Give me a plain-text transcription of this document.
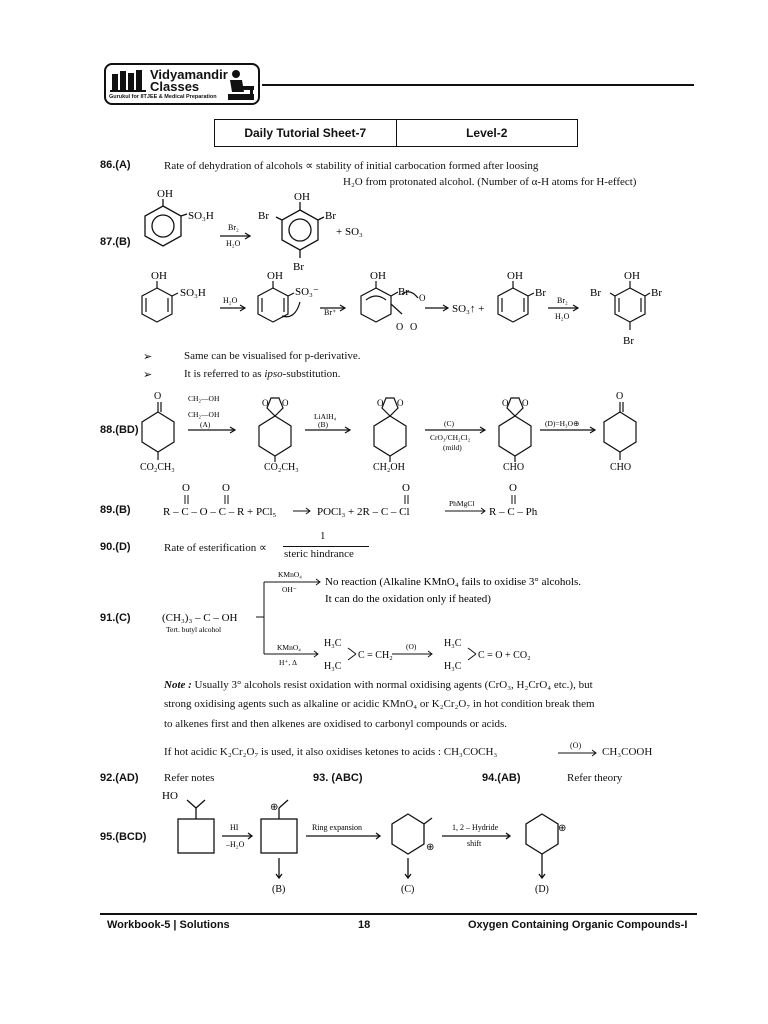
Vidyamandir
Classes
Gurukul for IITJEE & Medical Preparation
Daily Tutorial Sheet-7	Level-2
86.(A)	Rate of dehydration of alcohols ∝ stability of initial carbocation formed after loosing
H₂O from protonated alcohol. (Number of α-H atoms for H-effect)
87.(B)
OH
SO₃H
Br₂
H₂O
OH
Br	Br
Br
+ SO₃
OH
SO₃H
H₂O
OH
SO₃⁻
Br⁺
OH
Br O
O O
SO₃↑ +
OH
Br
Br₂
H₂O
OH
Br	Br
Br
➢	Same can be visualised for p-derivative.
➢	It is referred to as ipso-substitution.
88.(BD)
O
O O	O O	O O
O
CH₂—OH
CH₂—OH
(A)
LiAlH₄
(B)	(C)
CrO₃/CH₂Cl₂
(mild)
(D)=H₃O⊕
CO₂CH₃	CO₂CH₃	CH₂OH	CHO	CHO
89.(B)
O	O	O	O
R – C – O – C – R + PCl₅	POCl₃ + 2R – C – Cl
PhMgCl
R – C – Ph
90.(D)	Rate of esterification ∝
1
steric hindrance
91.(C)	(CH₃)₃ – C – OH
Tert. butyl alcohol
KMnO₄
OH⁻
No reaction (Alkaline KMnO₄ fails to oxidise 3° alcohols.
It can do the oxidation only if heated)
KMnO₄
H⁺, Δ
H₃C
H₃C
C = CH₂
(O)	H₃C
H₃C
C = O + CO₂
Note : Usually 3° alcohols resist oxidation with normal oxidising agents (CrO₃, H₂CrO₄ etc.), but
strong oxidising agents such as alkaline or acidic KMnO₄ or K₂Cr₂O₇ in hot condition break them
to alkenes first and then alkenes are oxidised to carbonyl compounds or acids.
If hot acidic K₂Cr₂O₇ is used, it also oxidises ketones to acids : CH₃COCH₃
(O)
CH₃COOH
92.(AD) Refer notes	93. (ABC)	94.(AB)	Refer theory
95.(BCD)
HO
HI
–H₂O
⊕
Ring expansion
⊕
1, 2 – Hydride
shift
⊕
(B)	(C)	(D)
Workbook-5 | Solutions	18	Oxygen Containing Organic Compounds-I
